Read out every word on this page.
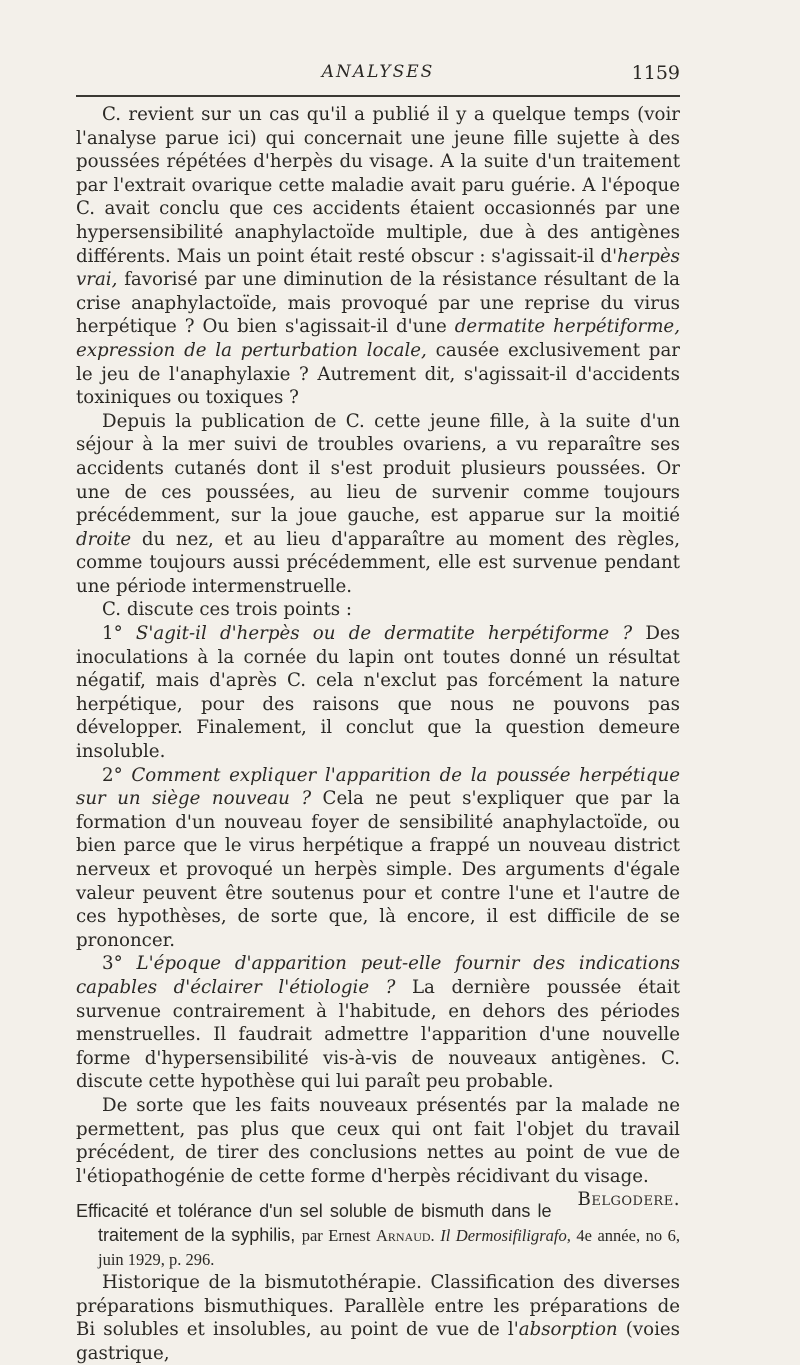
ANALYSES	1159

C. revient sur un cas qu'il a publié il y a quelque temps (voir l'analyse parue ici) qui concernait une jeune fille sujette à des poussées répétées d'herpès du visage. A la suite d'un traitement par l'extrait ovarique cette maladie avait paru guérie. A l'époque C. avait conclu que ces accidents étaient occasionnés par une hypersensibilité anaphylactoïde multiple, due à des antigènes différents. Mais un point était resté obscur : s'agissait-il d'herpès vrai, favorisé par une diminution de la résistance résultant de la crise anaphylactoïde, mais provoqué par une reprise du virus herpétique ? Ou bien s'agissait-il d'une dermatite herpétiforme, expression de la perturbation locale, causée exclusivement par le jeu de l'anaphylaxie ? Autrement dit, s'agissait-il d'accidents toxiniques ou toxiques ?

Depuis la publication de C. cette jeune fille, à la suite d'un séjour à la mer suivi de troubles ovariens, a vu reparaître ses accidents cutanés dont il s'est produit plusieurs poussées. Or une de ces poussées, au lieu de survenir comme toujours précédemment, sur la joue gauche, est apparue sur la moitié droite du nez, et au lieu d'apparaître au moment des règles, comme toujours aussi précédemment, elle est survenue pendant une période intermenstruelle.

C. discute ces trois points :

1° S'agit-il d'herpès ou de dermatite herpétiforme ? Des inoculations à la cornée du lapin ont toutes donné un résultat négatif, mais d'après C. cela n'exclut pas forcément la nature herpétique, pour des raisons que nous ne pouvons pas développer. Finalement, il conclut que la question demeure insoluble.

2° Comment expliquer l'apparition de la poussée herpétique sur un siège nouveau ? Cela ne peut s'expliquer que par la formation d'un nouveau foyer de sensibilité anaphylactoïde, ou bien parce que le virus herpétique a frappé un nouveau district nerveux et provoqué un herpès simple. Des arguments d'égale valeur peuvent être soutenus pour et contre l'une et l'autre de ces hypothèses, de sorte que, là encore, il est difficile de se prononcer.

3° L'époque d'apparition peut-elle fournir des indications capables d'éclairer l'étiologie ? La dernière poussée était survenue contrairement à l'habitude, en dehors des périodes menstruelles. Il faudrait admettre l'apparition d'une nouvelle forme d'hypersensibilité vis-à-vis de nouveaux antigènes. C. discute cette hypothèse qui lui paraît peu probable.

De sorte que les faits nouveaux présentés par la malade ne permettent, pas plus que ceux qui ont fait l'objet du travail précédent, de tirer des conclusions nettes au point de vue de l'étiopathogénie de cette forme d'herpès récidivant du visage.
Belgodere.

Efficacité et tolérance d'un sel soluble de bismuth dans le traitement de la syphilis, par Ernest Arnaud. Il Dermosifiligrafo, 4e année, no 6, juin 1929, p. 296.

Historique de la bismutothérapie. Classification des diverses préparations bismuthiques. Parallèle entre les préparations de Bi solubles et insolubles, au point de vue de l'absorption (voies gastrique,
